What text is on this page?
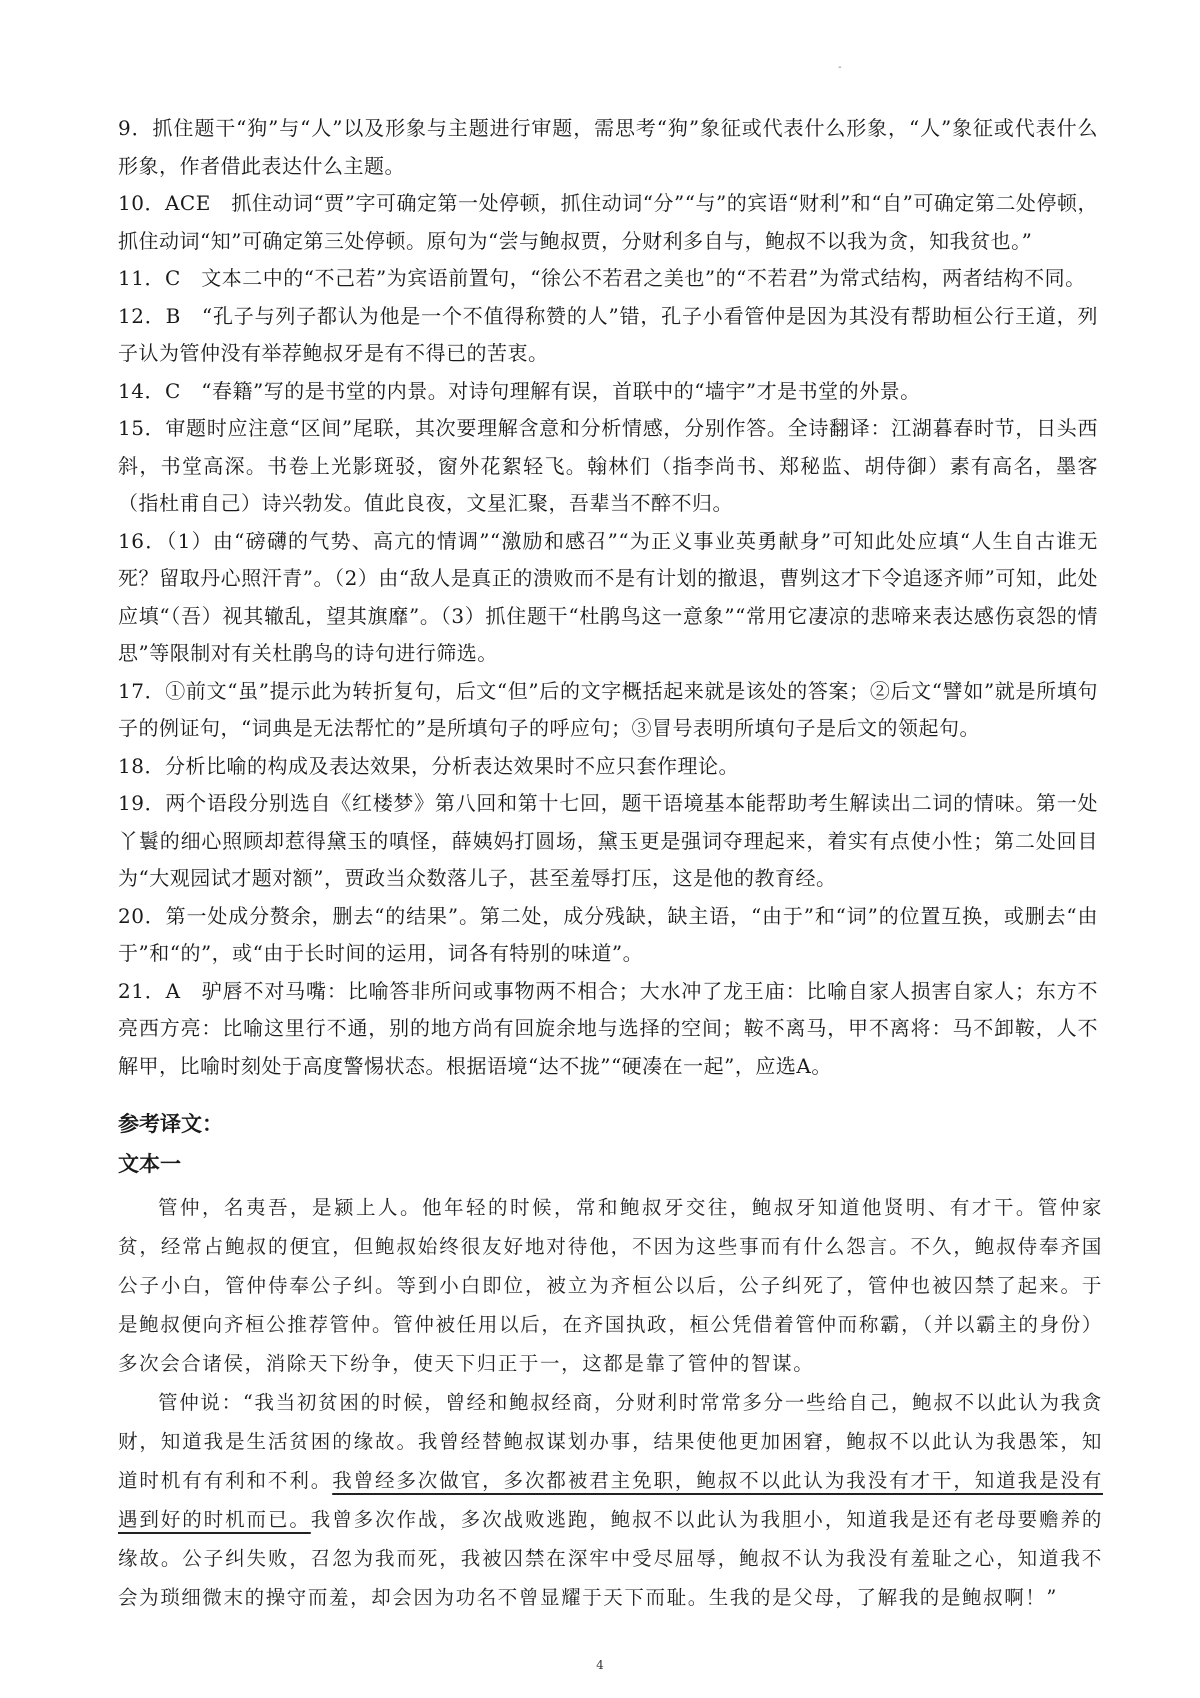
-

9．抓住题干“狗”与“人”以及形象与主题进行审题，需思考“狗”象征或代表什么形象，“人”象征或代表什么形象，作者借此表达什么主题。

10．ACE　抓住动词“贾”字可确定第一处停顿，抓住动词“分”“与”的宾语“财利”和“自”可确定第二处停顿，抓住动词“知”可确定第三处停顿。原句为“尝与鲍叔贾，分财利多自与，鲍叔不以我为贪，知我贫也。”

11．C　文本二中的“不己若”为宾语前置句，“徐公不若君之美也”的“不若君”为常式结构，两者结构不同。

12．B　“孔子与列子都认为他是一个不值得称赞的人”错，孔子小看管仲是因为其没有帮助桓公行王道，列子认为管仲没有举荐鲍叔牙是有不得已的苦衷。

14．C　“春籍”写的是书堂的内景。对诗句理解有误，首联中的“墙宇”才是书堂的外景。

15．审题时应注意“区间”尾联，其次要理解含意和分析情感，分别作答。全诗翻译：江湖暮春时节，日头西斜，书堂高深。书卷上光影斑驳，窗外花絮轻飞。翰林们（指李尚书、郑秘监、胡侍御）素有高名，墨客（指杜甫自己）诗兴勃发。值此良夜，文星汇聚，吾辈当不醉不归。

16．（1）由“磅礴的气势、高亢的情调”“激励和感召”“为正义事业英勇献身”可知此处应填“人生自古谁无死？留取丹心照汗青”。（2）由“敌人是真正的溃败而不是有计划的撤退，曹刿这才下令追逐齐师”可知，此处应填“（吾）视其辙乱，望其旗靡”。（3）抓住题干“杜鹃鸟这一意象”“常用它凄凉的悲啼来表达感伤哀怨的情思”等限制对有关杜鹃鸟的诗句进行筛选。

17．①前文“虽”提示此为转折复句，后文“但”后的文字概括起来就是该处的答案；②后文“譬如”就是所填句子的例证句，“词典是无法帮忙的”是所填句子的呼应句；③冒号表明所填句子是后文的领起句。

18．分析比喻的构成及表达效果，分析表达效果时不应只套作理论。

19．两个语段分别选自《红楼梦》第八回和第十七回，题干语境基本能帮助考生解读出二词的情味。第一处丫鬟的细心照顾却惹得黛玉的嗔怪，薛姨妈打圆场，黛玉更是强词夺理起来，着实有点使小性；第二处回目为“大观园试才题对额”，贾政当众数落儿子，甚至羞辱打压，这是他的教育经。

20．第一处成分赘余，删去“的结果”。第二处，成分残缺，缺主语，“由于”和“词”的位置互换，或删去“由于”和“的”，或“由于长时间的运用，词各有特别的味道”。

21．A　驴唇不对马嘴：比喻答非所问或事物两不相合；大水冲了龙王庙：比喻自家人损害自家人；东方不亮西方亮：比喻这里行不通，别的地方尚有回旋余地与选择的空间；鞍不离马，甲不离将：马不卸鞍，人不解甲，比喻时刻处于高度警惕状态。根据语境“达不拢”“硬凑在一起”，应选A。

参考译文：

文本一

管仲，名夷吾，是颍上人。他年轻的时候，常和鲍叔牙交往，鲍叔牙知道他贤明、有才干。管仲家贫，经常占鲍叔的便宜，但鲍叔始终很友好地对待他，不因为这些事而有什么怨言。不久，鲍叔侍奉齐国公子小白，管仲侍奉公子纠。等到小白即位，被立为齐桓公以后，公子纠死了，管仲也被囚禁了起来。于是鲍叔便向齐桓公推荐管仲。管仲被任用以后，在齐国执政，桓公凭借着管仲而称霸，（并以霸主的身份）多次会合诸侯，消除天下纷争，使天下归正于一，这都是靠了管仲的智谋。

管仲说：“我当初贫困的时候，曾经和鲍叔经商，分财利时常常多分一些给自己，鲍叔不以此认为我贪财，知道我是生活贫困的缘故。我曾经替鲍叔谋划办事，结果使他更加困窘，鲍叔不以此认为我愚笨，知道时机有有利和不利。我曾经多次做官，多次都被君主免职，鲍叔不以此认为我没有才干，知道我是没有遇到好的时机而已。我曾多次作战，多次战败逃跑，鲍叔不以此认为我胆小，知道我是还有老母要赡养的缘故。公子纠失败，召忽为我而死，我被囚禁在深牢中受尽屈辱，鲍叔不认为我没有羞耻之心，知道我不会为琐细微末的操守而羞，却会因为功名不曾显耀于天下而耻。生我的是父母，了解我的是鲍叔啊！”

4
